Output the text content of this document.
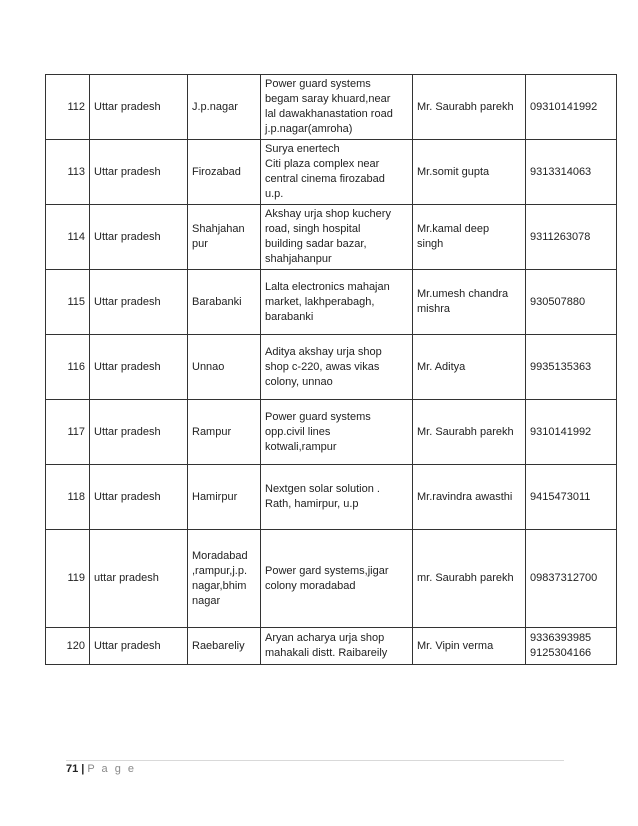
112	Uttar pradesh	J.p.nagar	Power guard systems
begam saray khuard,near
lal dawakhanastation road
j.p.nagar(amroha)	Mr. Saurabh parekh	09310141992
113	Uttar pradesh	Firozabad	Surya enertech
Citi plaza complex near
central cinema firozabad
u.p.	Mr.somit gupta	9313314063
114	Uttar pradesh	Shahjahan
pur	Akshay urja shop kuchery
road, singh hospital
building sadar bazar,
shahjahanpur	Mr.kamal deep
singh	9311263078
115	Uttar pradesh	Barabanki	Lalta electronics mahajan
market, lakhperabagh,
barabanki	Mr.umesh chandra
mishra	930507880
116	Uttar pradesh	Unnao	Aditya akshay urja shop
shop c-220, awas vikas
colony, unnao	Mr. Aditya	9935135363
117	Uttar pradesh	Rampur	Power guard systems
opp.civil lines
kotwali,rampur	Mr. Saurabh parekh	9310141992
118	Uttar pradesh	Hamirpur	Nextgen solar solution .
Rath, hamirpur, u.p	Mr.ravindra awasthi	9415473011
119	uttar pradesh	Moradabad
,rampur,j.p.
nagar,bhim
nagar	Power gard systems,jigar
colony moradabad	mr. Saurabh parekh	09837312700
120	Uttar pradesh	Raebareliy	Aryan acharya urja shop
mahakali distt. Raibareily	Mr. Vipin verma	9336393985
9125304166
71 | P a g e
